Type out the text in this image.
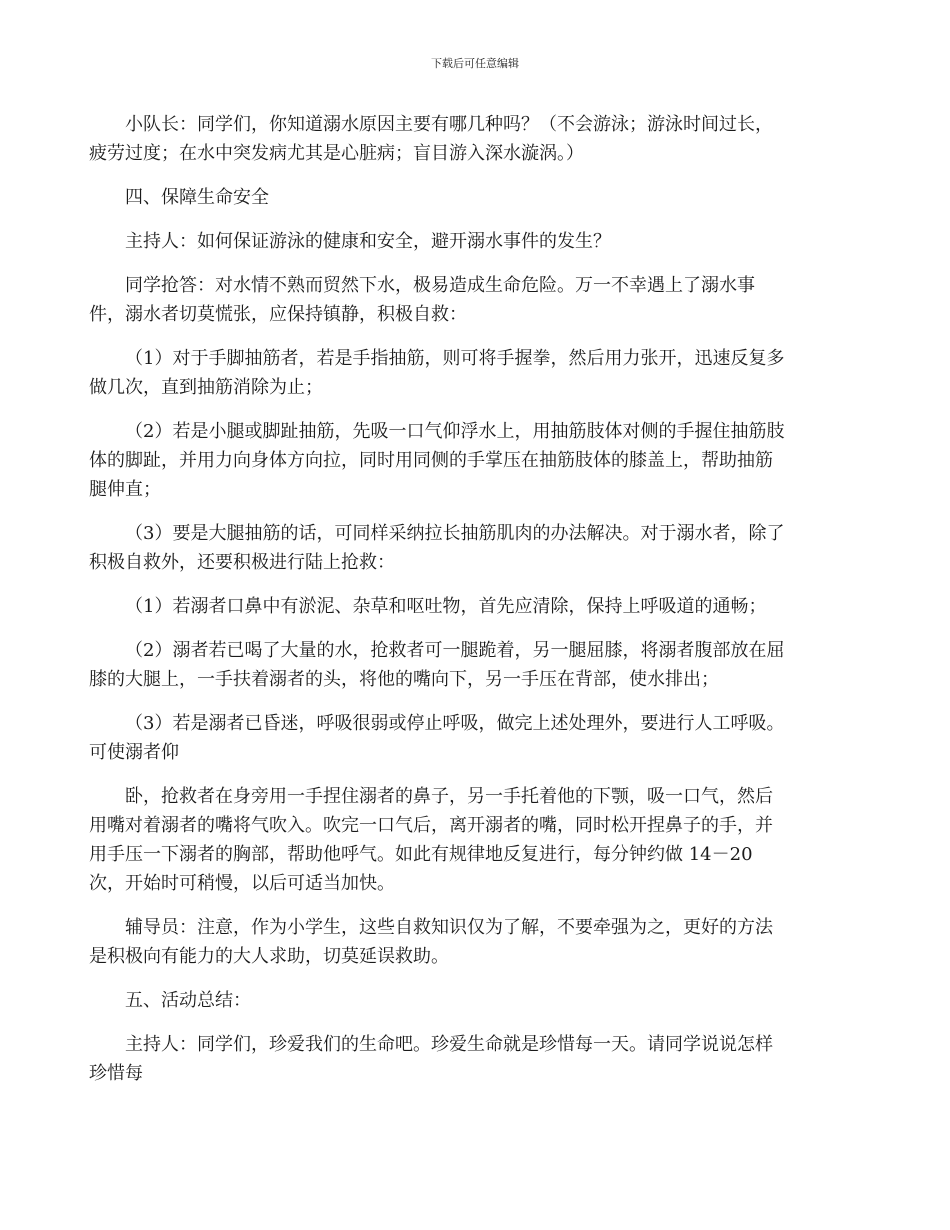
下载后可任意编辑

小队长：同学们，你知道溺水原因主要有哪几种吗？（不会游泳；游泳时间过长，
疲劳过度；在水中突发病尤其是心脏病；盲目游入深水漩涡。）

四、保障生命安全

主持人：如何保证游泳的健康和安全，避开溺水事件的发生？

同学抢答：对水情不熟而贸然下水，极易造成生命危险。万一不幸遇上了溺水事
件，溺水者切莫慌张，应保持镇静，积极自救：

（1）对于手脚抽筋者，若是手指抽筋，则可将手握拳，然后用力张开，迅速反复多
做几次，直到抽筋消除为止；

（2）若是小腿或脚趾抽筋，先吸一口气仰浮水上，用抽筋肢体对侧的手握住抽筋肢
体的脚趾，并用力向身体方向拉，同时用同侧的手掌压在抽筋肢体的膝盖上，帮助抽筋
腿伸直；

（3）要是大腿抽筋的话，可同样采纳拉长抽筋肌肉的办法解决。对于溺水者，除了
积极自救外，还要积极进行陆上抢救：

（1）若溺者口鼻中有淤泥、杂草和呕吐物，首先应清除，保持上呼吸道的通畅；

（2）溺者若已喝了大量的水，抢救者可一腿跪着，另一腿屈膝，将溺者腹部放在屈
膝的大腿上，一手扶着溺者的头，将他的嘴向下，另一手压在背部，使水排出；

（3）若是溺者已昏迷，呼吸很弱或停止呼吸，做完上述处理外，要进行人工呼吸。
可使溺者仰

卧，抢救者在身旁用一手捏住溺者的鼻子，另一手托着他的下颚，吸一口气，然后
用嘴对着溺者的嘴将气吹入。吹完一口气后，离开溺者的嘴，同时松开捏鼻子的手，并
用手压一下溺者的胸部，帮助他呼气。如此有规律地反复进行，每分钟约做 14－20
次，开始时可稍慢，以后可适当加快。

辅导员：注意，作为小学生，这些自救知识仅为了解，不要牵强为之，更好的方法
是积极向有能力的大人求助，切莫延误救助。

五、活动总结：

主持人：同学们，珍爱我们的生命吧。珍爱生命就是珍惜每一天。请同学说说怎样
珍惜每
